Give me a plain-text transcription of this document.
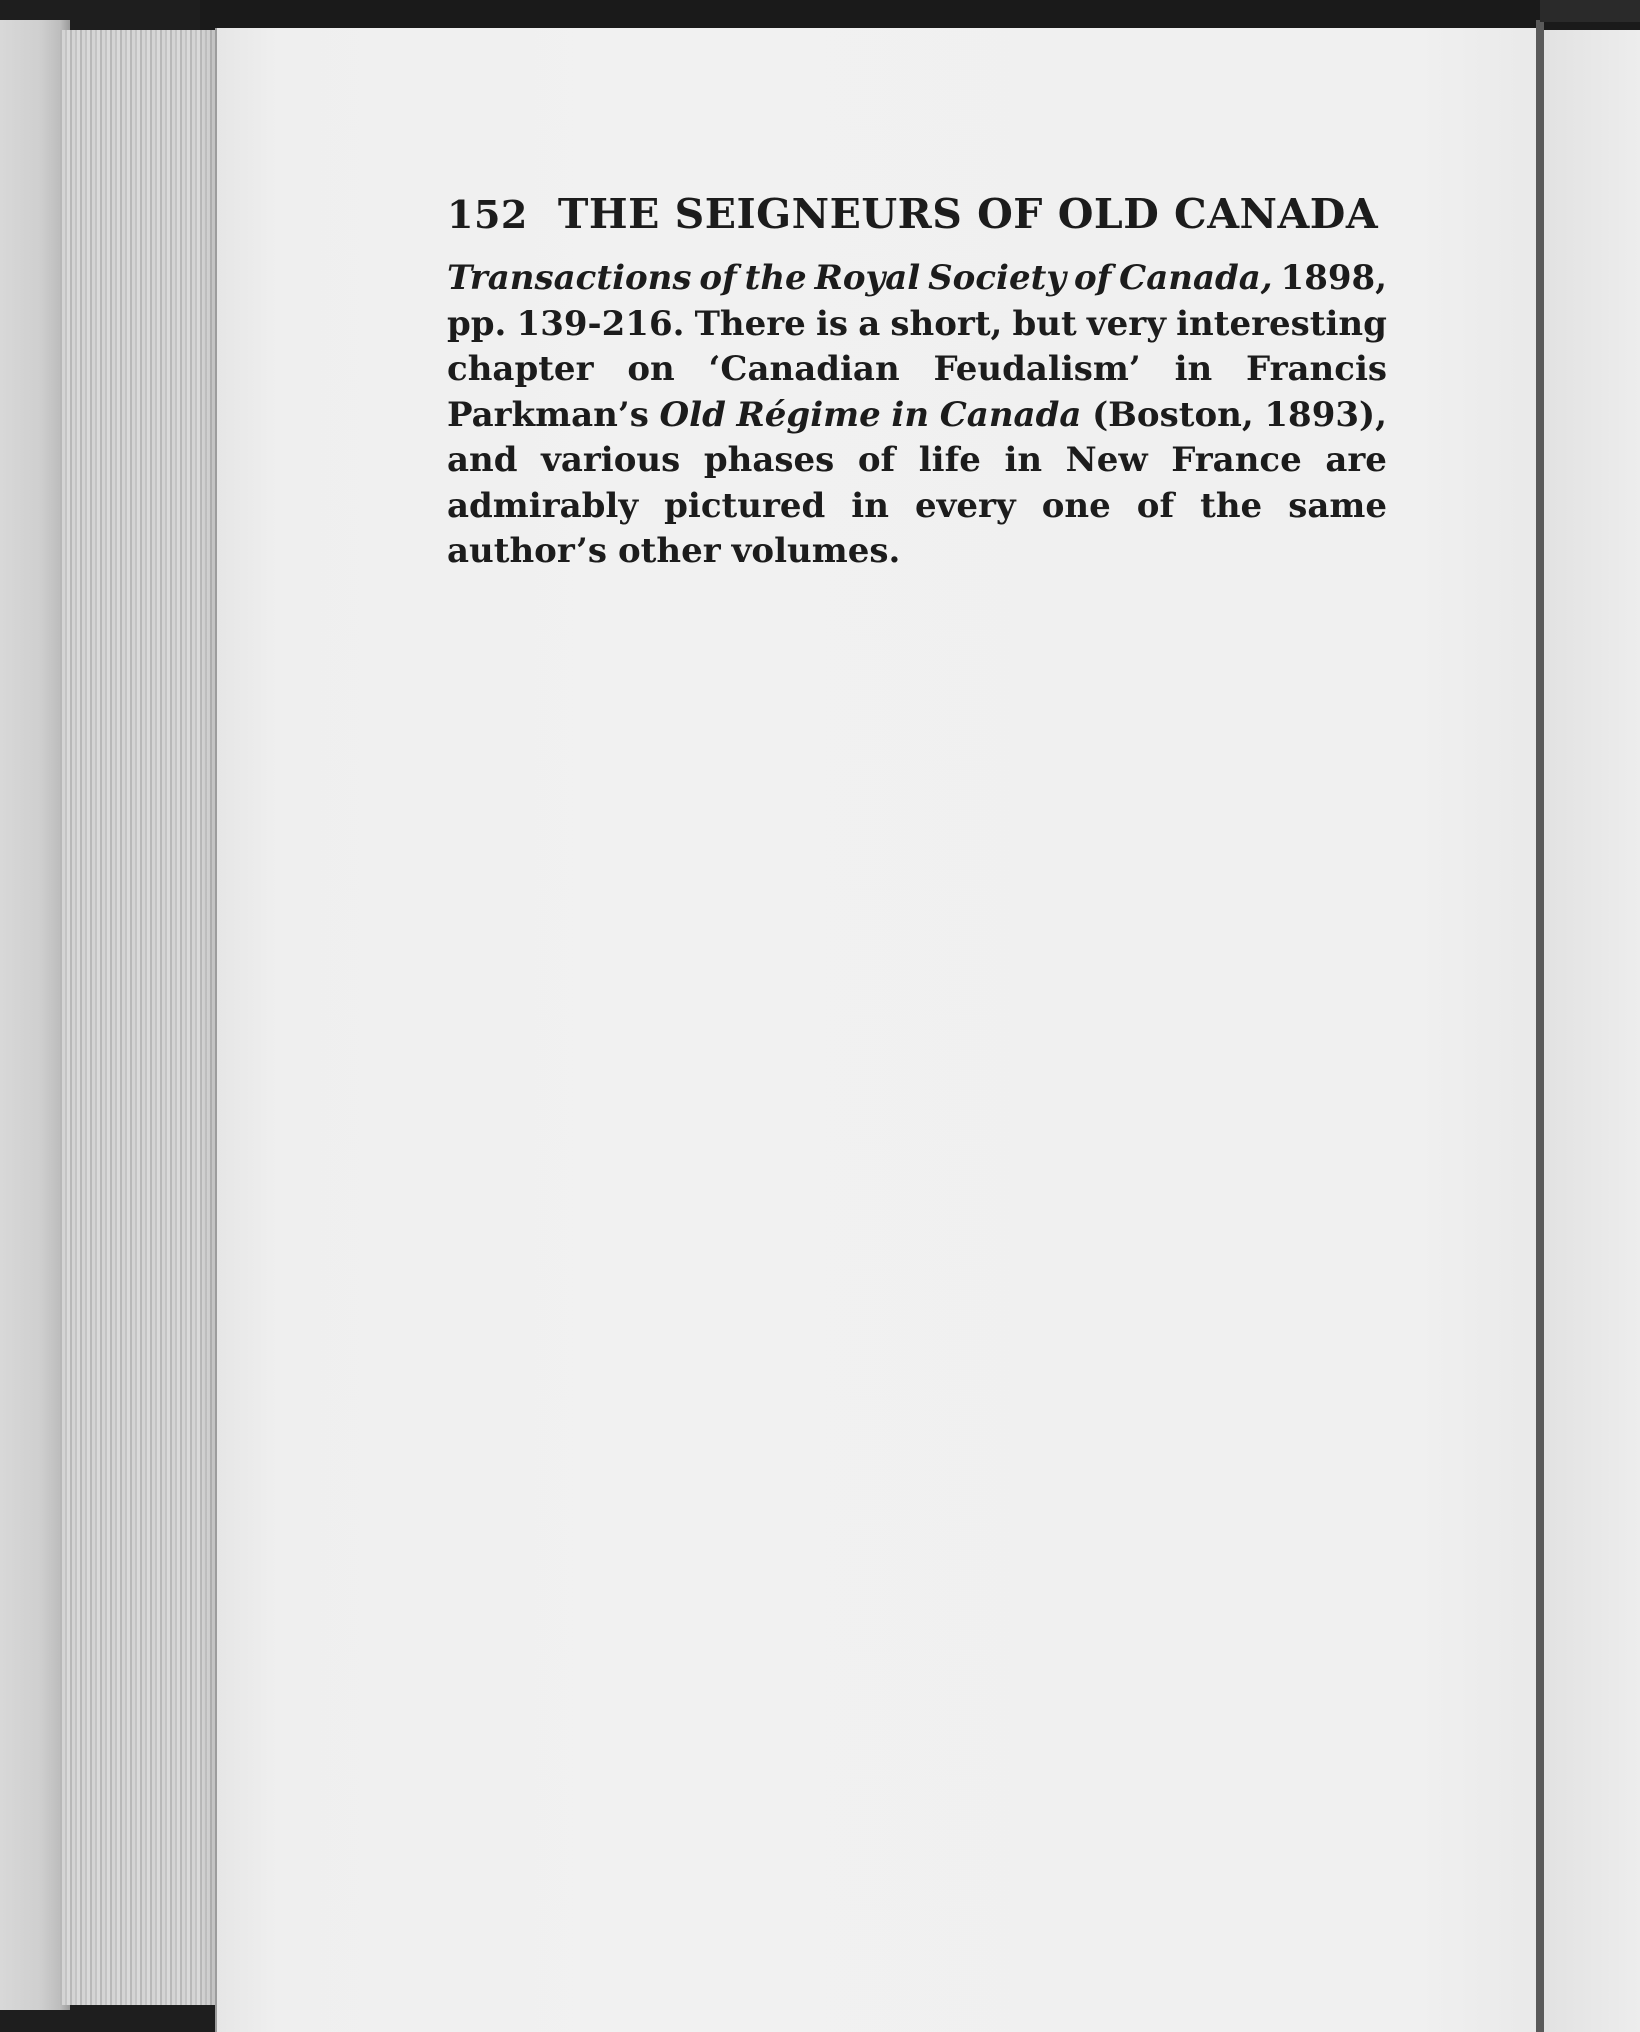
152 THE SEIGNEURS OF OLD CANADA
Transactions of the Royal Society of Canada, 1898,
pp. 139-216. There is a short, but very interesting
chapter on ‘Canadian Feudalism’ in Francis
Parkman’s Old Régime in Canada (Boston, 1893),
and various phases of life in New France are
admirably pictured in every one of the same
author’s other volumes.
